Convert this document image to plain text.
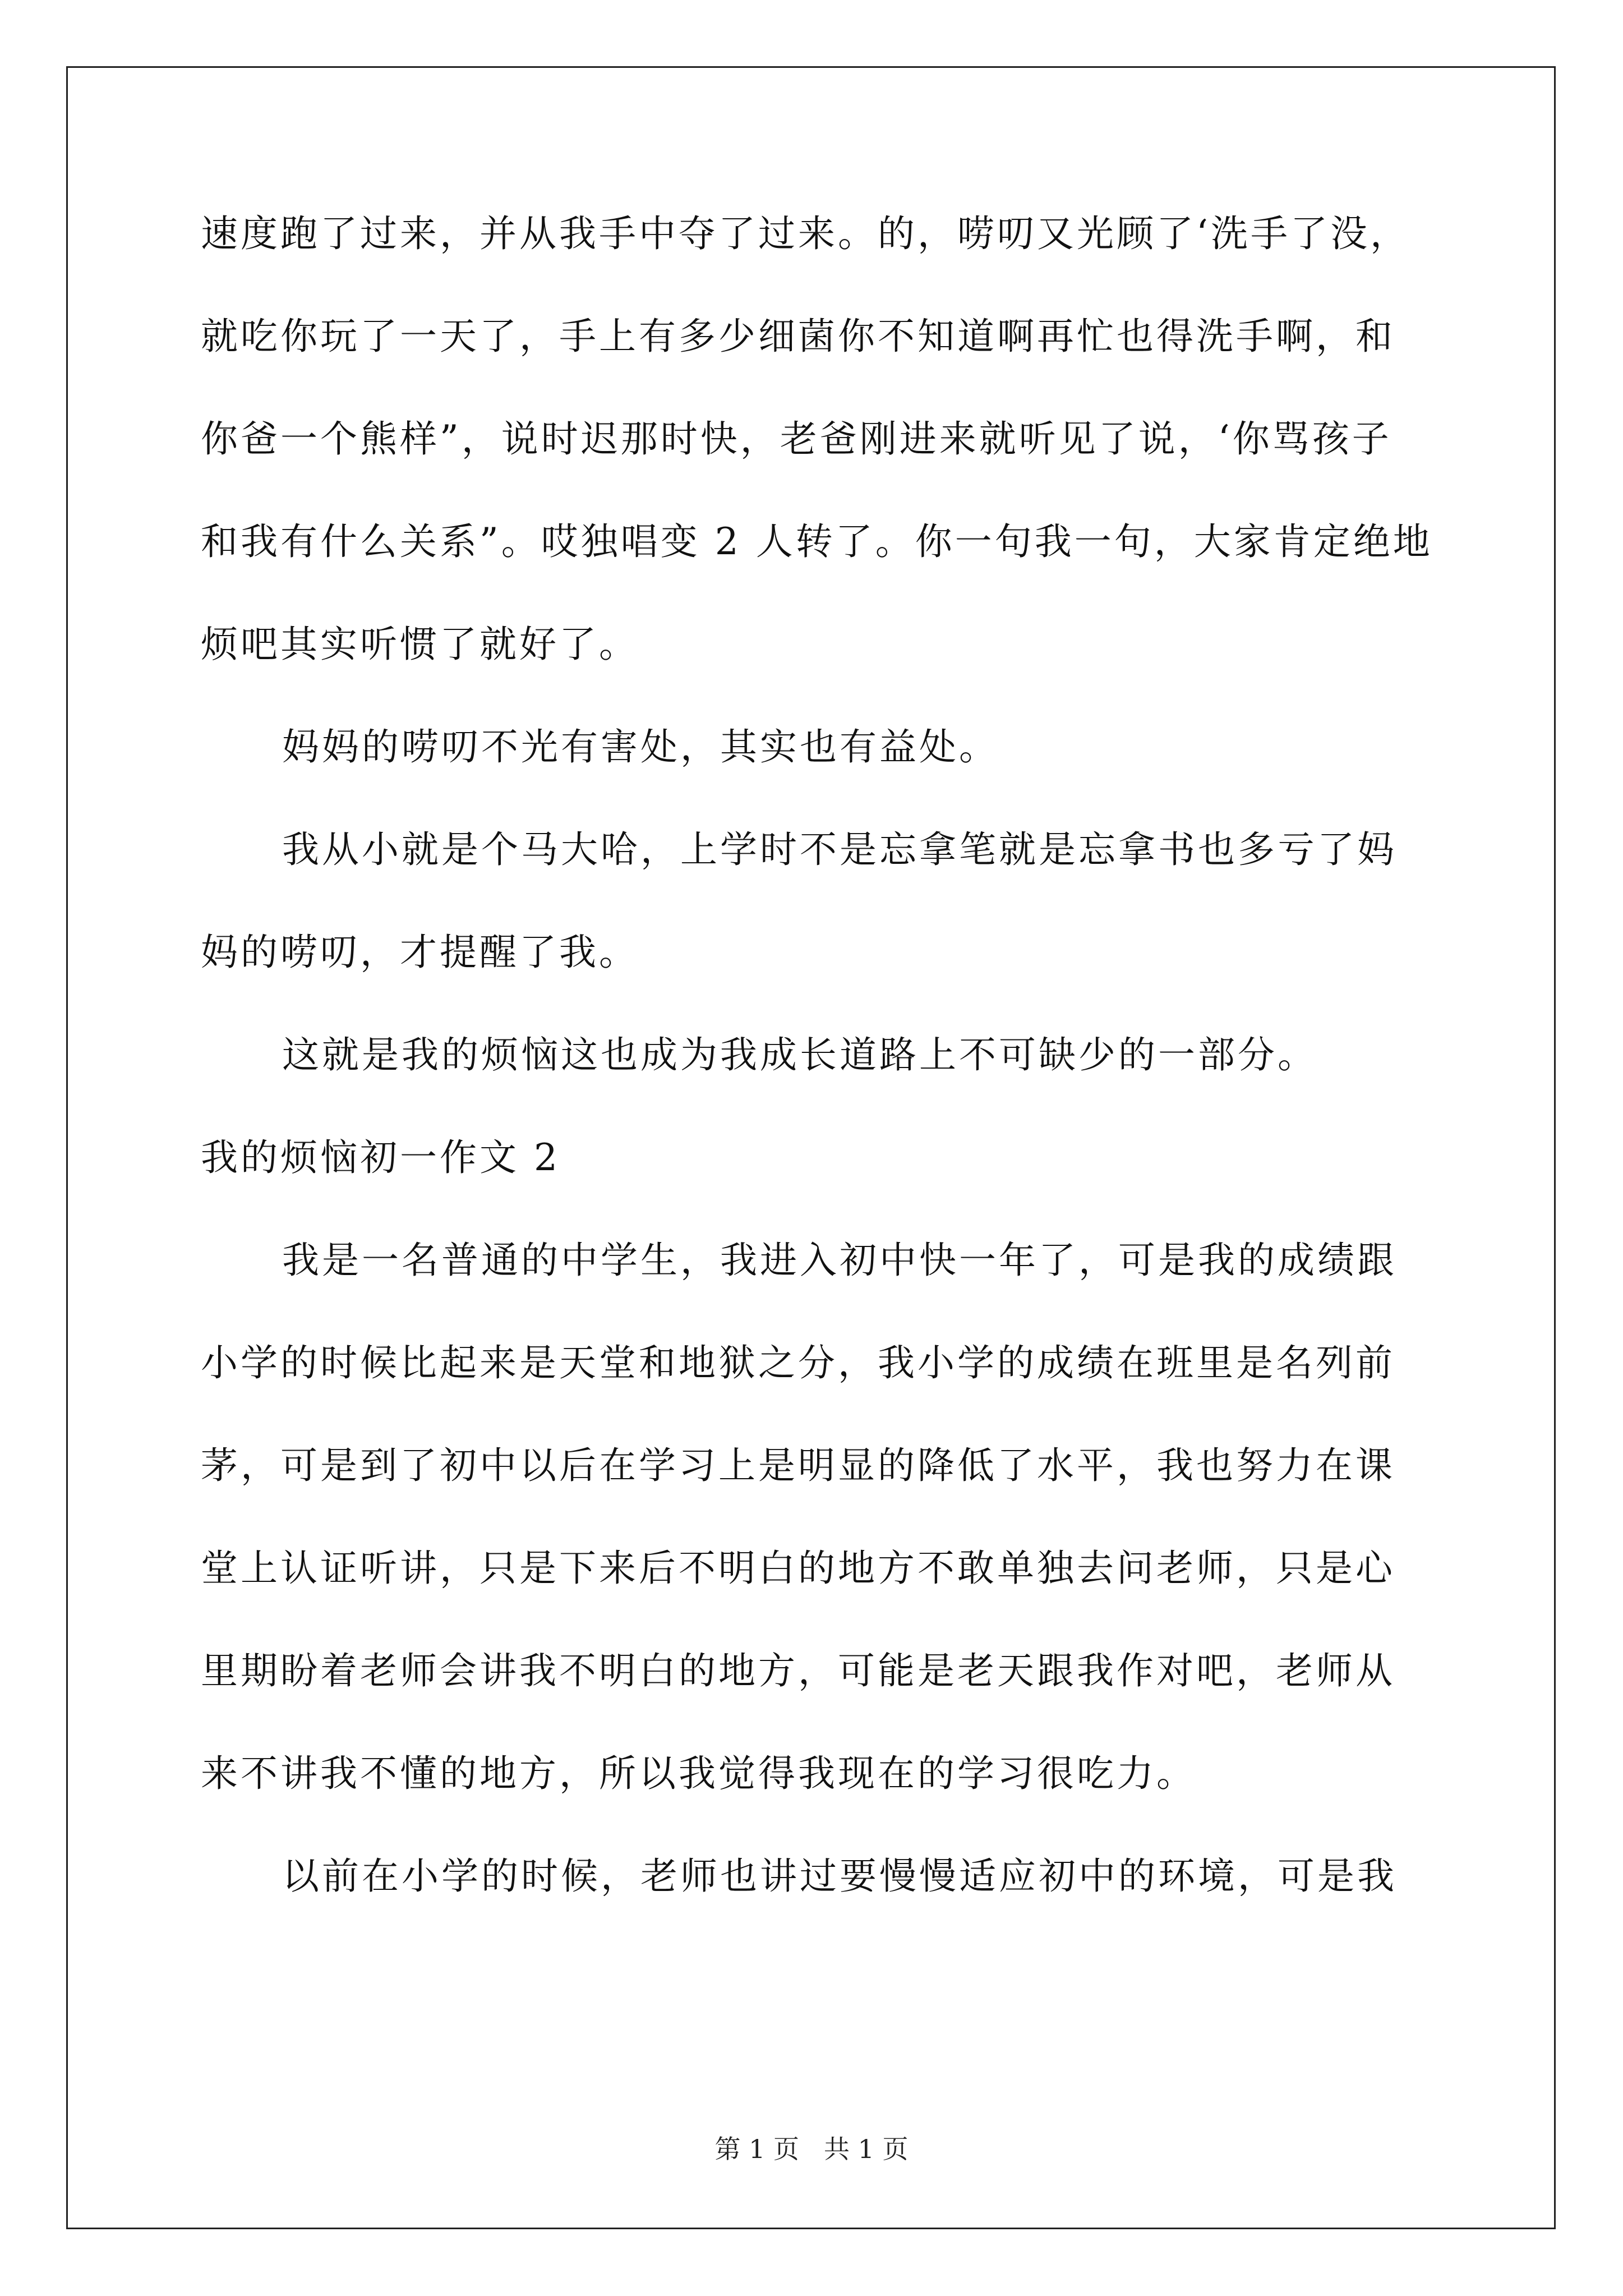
速度跑了过来，并从我手中夺了过来。的，唠叨又光顾了‘洗手了没，
就吃你玩了一天了，手上有多少细菌你不知道啊再忙也得洗手啊，和
你爸一个熊样”，说时迟那时快，老爸刚进来就听见了说，‘你骂孩子
和我有什么关系”。哎独唱变 2 人转了。你一句我一句，大家肯定绝地
烦吧其实听惯了就好了。
妈妈的唠叨不光有害处，其实也有益处。
我从小就是个马大哈，上学时不是忘拿笔就是忘拿书也多亏了妈
妈的唠叨，才提醒了我。
这就是我的烦恼这也成为我成长道路上不可缺少的一部分。
我的烦恼初一作文 2
我是一名普通的中学生，我进入初中快一年了，可是我的成绩跟
小学的时候比起来是天堂和地狱之分，我小学的成绩在班里是名列前
茅，可是到了初中以后在学习上是明显的降低了水平，我也努力在课
堂上认证听讲，只是下来后不明白的地方不敢单独去问老师，只是心
里期盼着老师会讲我不明白的地方，可能是老天跟我作对吧，老师从
来不讲我不懂的地方，所以我觉得我现在的学习很吃力。
以前在小学的时候，老师也讲过要慢慢适应初中的环境，可是我
第 1 页 共 1 页
